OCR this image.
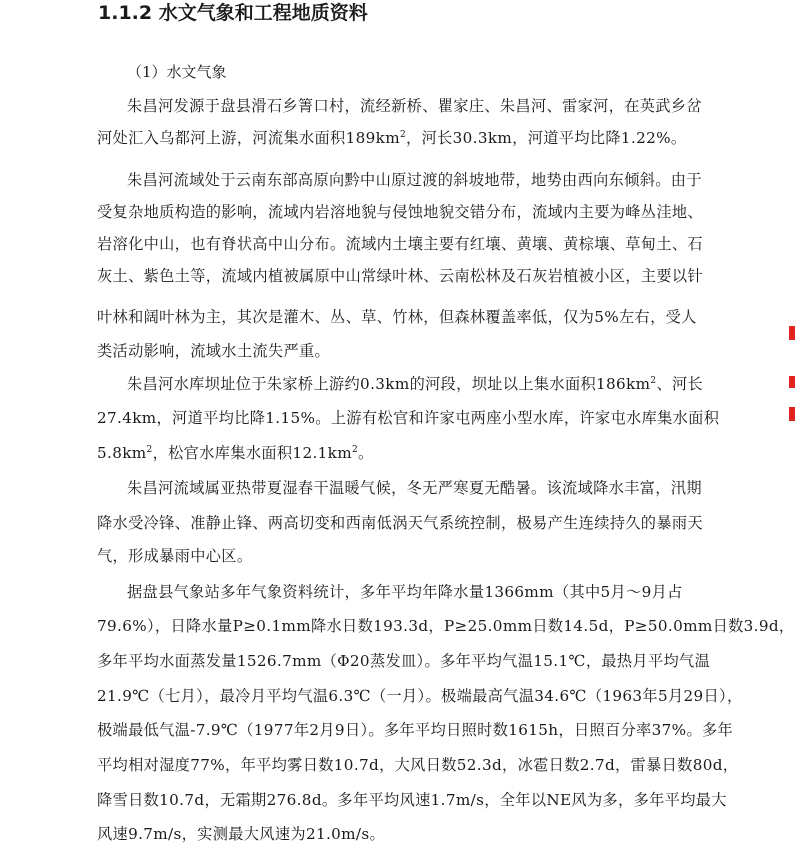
1.1.2 水文气象和工程地质资料
（1）水文气象
朱昌河发源于盘县滑石乡箐口村，流经新桥、瞿家庄、朱昌河、雷家河，在英武乡岔
河处汇入乌都河上游，河流集水面积$189km^2$，河长30.3km，河道平均比降1.22%。
朱昌河流域处于云南东部高原向黔中山原过渡的斜坡地带，地势由西向东倾斜。由于
受复杂地质构造的影响，流域内岩溶地貌与侵蚀地貌交错分布，流域内主要为峰丛洼地、
岩溶化中山，也有脊状高中山分布。流域内土壤主要有红壤、黄壤、黄棕壤、草甸土、石
灰土、紫色土等，流域内植被属原中山常绿叶林、云南松林及石灰岩植被小区，主要以针
叶林和阔叶林为主，其次是灌木、丛、草、竹林，但森林覆盖率低，仅为5%左右，受人
类活动影响，流域水土流失严重。
朱昌河水库坝址位于朱家桥上游约0.3km的河段，坝址以上集水面积$186km^2$、河长
27.4km，河道平均比降1.15%。上游有松官和许家屯两座小型水库，许家屯水库集水面积
$5.8km^2$，松官水库集水面积$12.1km^2$。
朱昌河流域属亚热带夏湿春干温暖气候，冬无严寒夏无酷暑。该流域降水丰富，汛期
降水受冷锋、准静止锋、两高切变和西南低涡天气系统控制，极易产生连续持久的暴雨天
气，形成暴雨中心区。
据盘县气象站多年气象资料统计，多年平均年降水量1366mm（其中5月～9月占
79.6%），日降水量P≥0.1mm降水日数193.3d，P≥25.0mm日数14.5d，P≥50.0mm日数3.9d，
多年平均水面蒸发量1526.7mm（Φ20蒸发皿）。多年平均气温15.1℃，最热月平均气温
21.9℃（七月），最冷月平均气温6.3℃（一月）。极端最高气温34.6℃（1963年5月29日），
极端最低气温-7.9℃（1977年2月9日）。多年平均日照时数1615h，日照百分率37%。多年
平均相对湿度77%，年平均雾日数10.7d，大风日数52.3d，冰雹日数2.7d，雷暴日数80d，
降雪日数10.7d，无霜期276.8d。多年平均风速1.7m/s，全年以NE风为多，多年平均最大
风速9.7m/s，实测最大风速为21.0m/s。
